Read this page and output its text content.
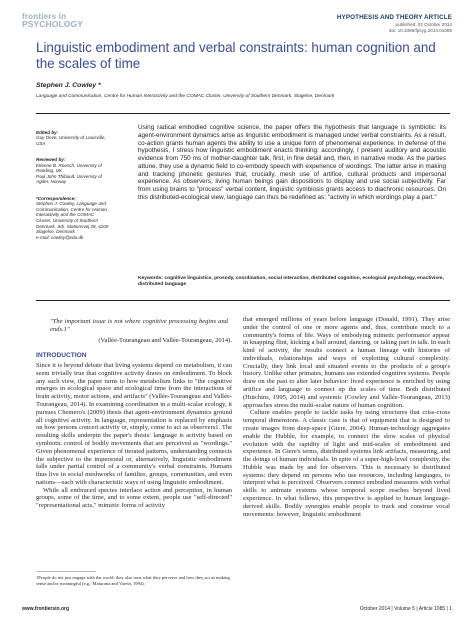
frontiers in
PSYCHOLOGY
HYPOTHESIS AND THEORY ARTICLE
published: 02 October 2014
doi: 10.3389/fpsyg.2014.01085
Linguistic embodiment and verbal constraints: human cognition and the scales of time
Stephen J. Cowley *
Language and Communication, Centre for Human Interactivity and the COMAC Cluster, University of Southern Denmark, Slagelse, Denmark

Edited by:
Guy Dove, University of Louisville,
USA

Reviewed by:
Etienne B. Roesch, University of
Reading, UK
Paul John Thibault, University of
Agder, Norway

*Correspondence:
Stephen J. Cowley, Language and
Communication, Centre for Human
Interactivity and the COMAC
Cluster, University of Southern
Denmark, Sdr. Stationsvej 28, 4200
Slagelse, Denmark
e-mail: cowley@sdu.dk

Using radical embodied cognitive science, the paper offers the hypothesis that language is symbiotic: its agent-environment dynamics arise as linguistic embodiment is managed under verbal constraints. As a result, co-action grants human agents the ability to use a unique form of phenomenal experience. In defense of the hypothesis, I stress how linguistic embodiment enacts thinking: accordingly, I present auditory and acoustic evidence from 750 ms of mother-daughter talk, first, in fine detail and, then, in narrative mode. As the parties attune, they use a dynamic field to co-embody speech with experience of wordings. The latter arise in making and tracking phonetic gestures that, crucially, mesh use of artifice, cultural products and impersonal experience. As observers, living human beings gain dispositions to display and use social subjectivity. Far from using brains to "process" verbal content, linguistic symbiosis grants access to diachronic resources. On this distributed-ecological view, language can thus be redefined as: "activity in which wordings play a part."
Keywords: cognitive linguistics, prosody, coordination, social interaction, distributed cognition, ecological psychology, enactivism, distributed language
"The important issue is not where cognitive processing begins and ends.1"
(Vallée-Tourangeau and Vallée-Tourangeau, 2014).
INTRODUCTION

Since it is beyond debate that living systems depend on metabolism, it can seem trivially true that cognitive activity draws on embodiment. To block any such view, the paper turns to how metabolism links to "the cognitive emerges in ecological space and ecological time from the interactions of brain activity, motor actions, and artifacts" (Vallée-Tourangeau and Vallée-Tourangeau, 2014). In examining coordination in a multi-scalar ecology, it pursues Chemero's (2009) thesis that agent-environment dynamics ground all cognitive activity. In language, representation is replaced by emphasis on how persons concert activity or, simply, come to act as observers1. The resulting skills underpin the paper's thesis: language is activity based on symbiotic control of bodily movements that are perceived as "wordings." Given phenomenal experience of iterated patterns, understanding connects the subjective to the impersonal or, alternatively, linguistic embodiment falls under partial control of a community's verbal constraints. Humans thus live in social meshworks of families, groups, communities, and even nations—each with characteristic ways of using linguistic embodiment.

While all embraced species interlace action and perception, in human groups, some of the time, and to some extent, people use "self-directed" "representational acts," mimetic forms of activity

1People do not just engage with the world: they also treat what they perceive and how they act as making sense and/or meaningful (e.g., Maturana and Varela, 1994).

that emerged millions of years before language (Donald, 1991). They arise under the control of one or more agents and, thus, contribute much to a community's forms of life. Ways of embodying mimetic performance appear in knapping flint, kicking a ball around, dancing, or taking part in talk. In each kind of activity, the results connect a human lineage with histories of individuals, relationships and ways of exploiting cultural complexity. Crucially, they link local and situated events to the products of a group's history. Unlike other primates, humans use extended cognitive systems. People draw on the past to alter later behavior: lived experience is enriched by using artifice and language to connect up the scales of time. Both distributed (Hutchins, 1995, 2014) and systemic (Cowley and Vallée-Tourangeau, 2013) approaches stress the multi-scalar nature of human cognition.

Culture enables people to tackle tasks by using structures that criss-cross temporal dimensions. A classic case is that of equipment that is designed to create images from deep-space (Giere, 2004). Human-technology aggregates enable the Hubble, for example, to connect the slow scales of physical evolution with the rapidity of light and mid-scales of embodiment and experience. In Giere's terms, distributed systems link artifacts, measuring, and the doings of human individuals. In spite of a super-high-level complexity, the Hubble was made by and for observers. This is necessary to distributed systems: they depend on persons who use resources, including languages, to interpret what is perceived. Observers connect embodied measures with verbal skills to animate systems whose temporal scope reaches beyond lived experience. In what follows, this perspective is applied to human language-derived skills. Bodily synergies enable people to track and construe vocal movements: however, linguistic embodiment

www.frontiersin.org	October 2014 | Volume 5 | Article 1085 | 1
